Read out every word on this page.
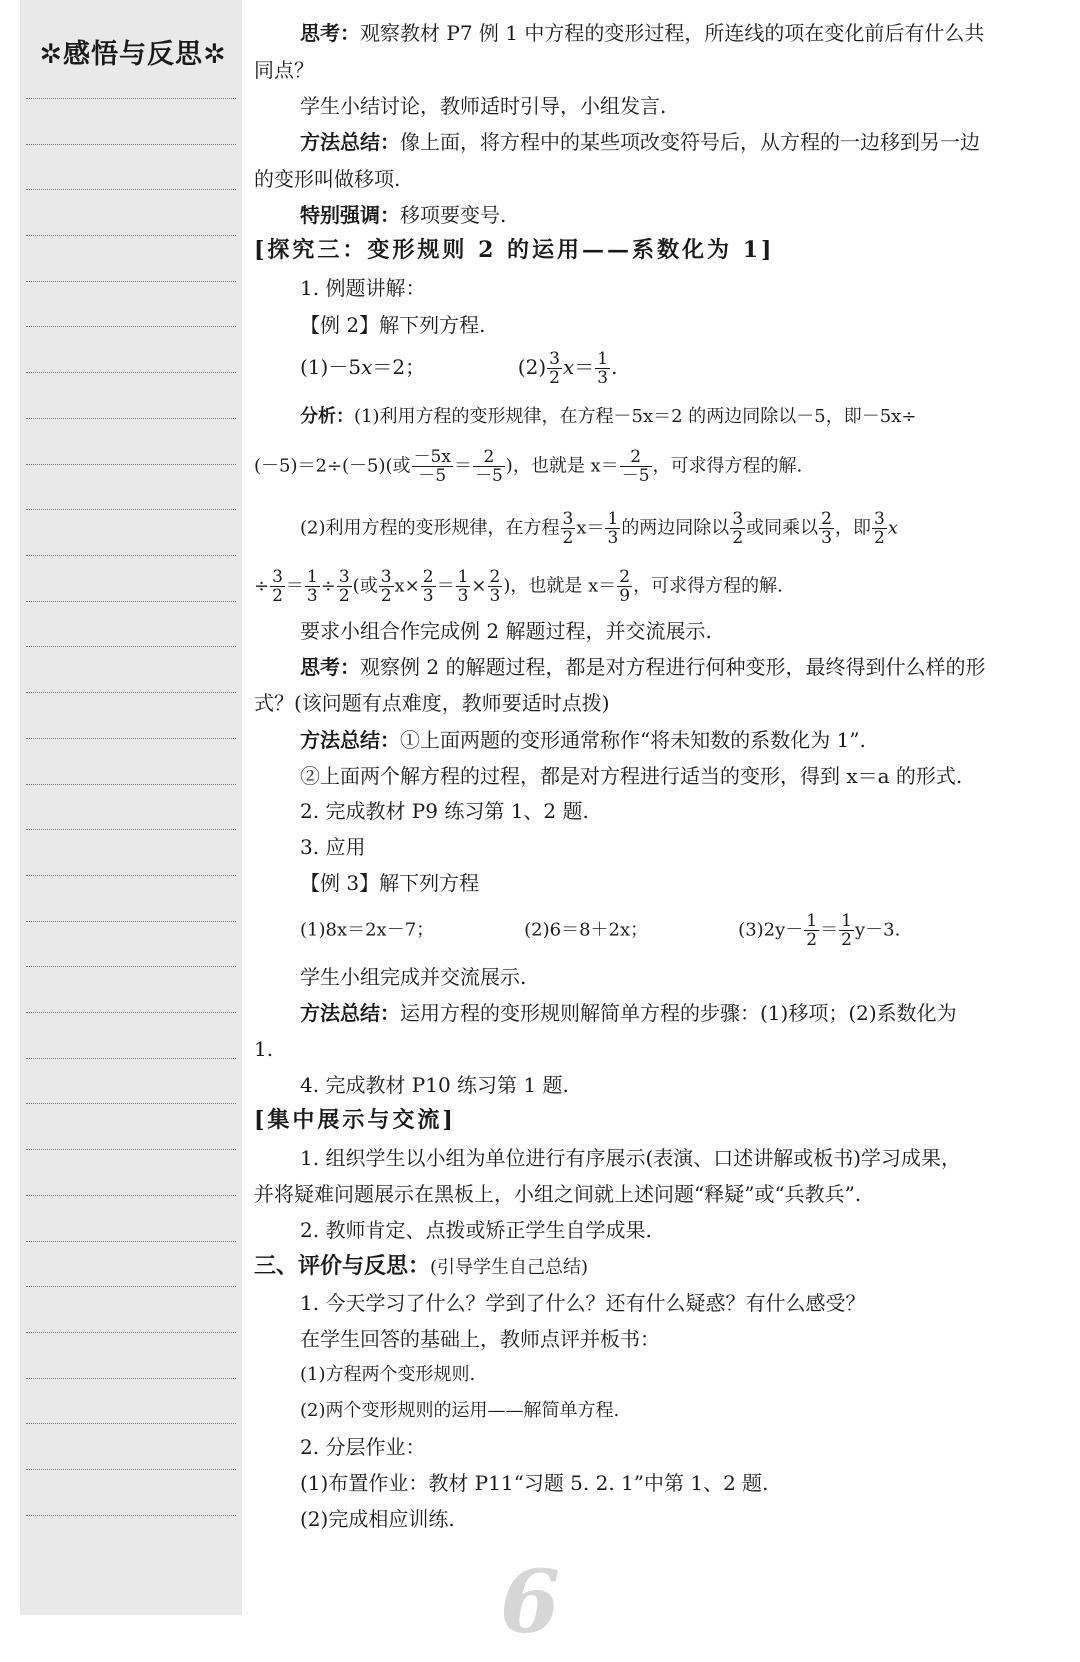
✲感悟与反思✲
思考：观察教材 P7 例 1 中方程的变形过程，所连线的项在变化前后有什么共
同点？
学生小结讨论，教师适时引导，小组发言.
方法总结：像上面，将方程中的某些项改变符号后，从方程的一边移到另一边
的变形叫做移项.
特别强调：移项要变号.
[探究三：变形规则 2 的运用——系数化为 1]
1. 例题讲解：
【例 2】解下列方程.
(1)－5x＝2；	$(2) \frac{3}{2} x= \frac{1}{3}$ .
分析：(1)利用方程的变形规律，在方程－5x＝2 的两边同除以－5，即－5x÷
(－5)＝2÷(－5)(或 $\frac{-5x}{-5} = \frac{2}{-5}$ )，也就是 $x= \frac{2}{-5}$ ，可求得方程的解.
(2)利用方程的变形规律，在方程 $\frac{3}{2} x= \frac{1}{3}$ 的两边同除以 $\frac{3}{2}$ 或同乘以 $\frac{2}{3}$ ，即 $\frac{3}{2}$ x
÷ $\frac{3}{2} = \frac{1}{3} \div \frac{3}{2}$ (或 $\frac{3}{2} x\times \frac{2}{3} = \frac{1}{3} \times \frac{2}{3}$ )，也就是 $x= \frac{2}{9}$ ，可求得方程的解.
要求小组合作完成例 2 解题过程，并交流展示.
思考：观察例 2 的解题过程，都是对方程进行何种变形，最终得到什么样的形
式？(该问题有点难度，教师要适时点拨)
方法总结：①上面两题的变形通常称作“将未知数的系数化为 1”.
②上面两个解方程的过程，都是对方程进行适当的变形，得到 x＝a 的形式.
2. 完成教材 P9 练习第 1、2 题.
3. 应用
【例 3】解下列方程
(1)8x＝2x－7；	(2)6＝8＋2x；	$(3)2y- \frac{1}{2} = \frac{1}{2} y-3$.
学生小组完成并交流展示.
方法总结：运用方程的变形规则解简单方程的步骤：(1)移项；(2)系数化为
1.
4. 完成教材 P10 练习第 1 题.
[集中展示与交流]
1. 组织学生以小组为单位进行有序展示(表演、口述讲解或板书)学习成果，
并将疑难问题展示在黑板上，小组之间就上述问题“释疑”或“兵教兵”.
2. 教师肯定、点拨或矫正学生自学成果.
三、评价与反思：(引导学生自己总结)
1. 今天学习了什么？学到了什么？还有什么疑惑？有什么感受？
在学生回答的基础上，教师点评并板书：
(1)方程两个变形规则.
(2)两个变形规则的运用——解简单方程.
2. 分层作业：
(1)布置作业：教材 P11“习题 5. 2. 1”中第 1、2 题.
(2)完成相应训练.
6
